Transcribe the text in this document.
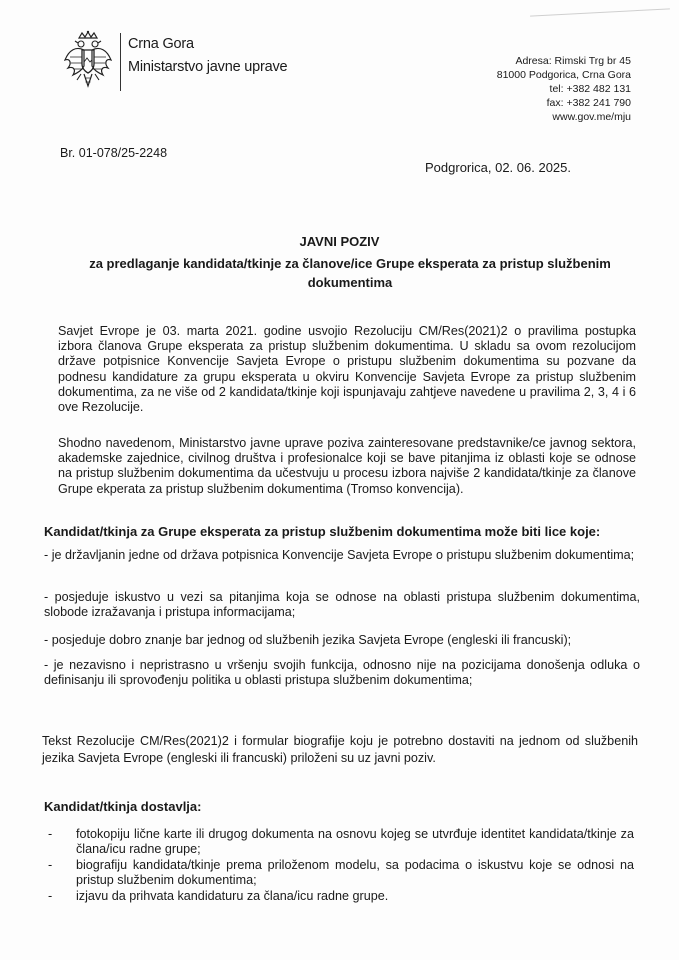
Crna Gora
Ministarstvo javne uprave	Adresa: Rimski Trg br 45
81000 Podgorica, Crna Gora
tel: +382 482 131
fax: +382 241 790
www.gov.me/mju
Br. 01-078/25-2248
Podgrorica, 02. 06. 2025.
JAVNI POZIV
za predlaganje kandidata/tkinje za članove/ice Grupe eksperata za pristup službenim dokumentima
Savjet Evrope je 03. marta 2021. godine usvojio Rezoluciju CM/Res(2021)2 o pravilima postupka izbora članova Grupe eksperata za pristup službenim dokumentima. U skladu sa ovom rezolucijom države potpisnice Konvencije Savjeta Evrope o pristupu službenim dokumentima su pozvane da podnesu kandidature za grupu eksperata u okviru Konvencije Savjeta Evrope za pristup službenim dokumentima, za ne više od 2 kandidata/tkinje koji ispunjavaju zahtjeve navedene u pravilima 2, 3, 4 i 6 ove Rezolucije.
Shodno navedenom, Ministarstvo javne uprave poziva zainteresovane predstavnike/ce javnog sektora, akademske zajednice, civilnog društva i profesionalce koji se bave pitanjima iz oblasti koje se odnose na pristup službenim dokumentima da učestvuju u procesu izbora najviše 2 kandidata/tkinje za članove Grupe ekperata za pristup službenim dokumentima (Tromso konvencija).
Kandidat/tkinja za Grupe eksperata za pristup službenim dokumentima može biti lice koje:
- je državljanin jedne od država potpisnica Konvencije Savjeta Evrope o pristupu službenim dokumentima;
- posjeduje iskustvo u vezi sa pitanjima koja se odnose na oblasti pristupa službenim dokumentima, slobode izražavanja i pristupa informacijama;
- posjeduje dobro znanje bar jednog od službenih jezika Savjeta Evrope (engleski ili francuski);
- je nezavisno i nepristrasno u vršenju svojih funkcija, odnosno nije na pozicijama donošenja odluka o definisanju ili sprovođenju politika u oblasti pristupa službenim dokumentima;
Tekst Rezolucije CM/Res(2021)2 i formular biografije koju je potrebno dostaviti na jednom od službenih jezika Savjeta Evrope (engleski ili francuski) priloženi su uz javni poziv.
Kandidat/tkinja dostavlja:
- fotokopiju lične karte ili drugog dokumenta na osnovu kojeg se utvrđuje identitet kandidata/tkinje za člana/icu radne grupe;
- biografiju kandidata/tkinje prema priloženom modelu, sa podacima o iskustvu koje se odnosi na pristup službenim dokumentima;
- izjavu da prihvata kandidaturu za člana/icu radne grupe.
